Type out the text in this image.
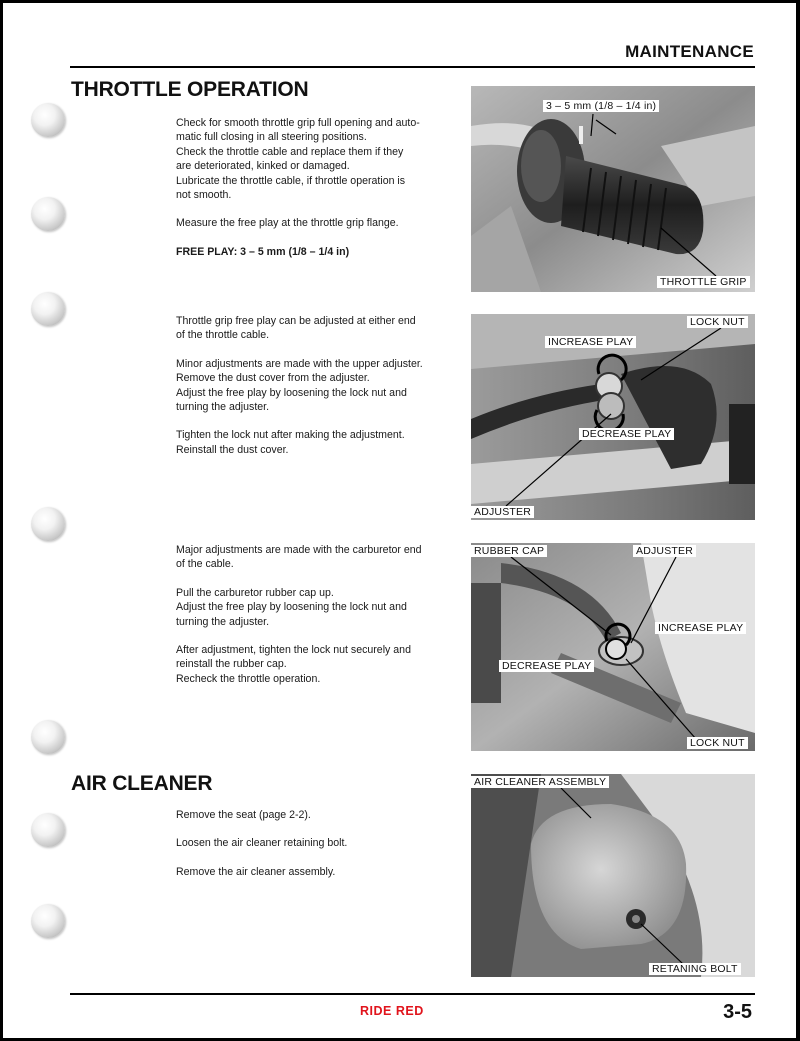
MAINTENANCE
THROTTLE OPERATION

Check for smooth throttle grip full opening and auto-

matic full closing in all steering positions.

Check the throttle cable and replace them if they

are deteriorated, kinked or damaged.

Lubricate the throttle cable, if throttle operation is

not smooth.

Measure the free play at the throttle grip flange.

FREE PLAY: 3 – 5 mm (1/8 – 1/4 in)

Throttle grip free play can be adjusted at either end

of the throttle cable.

Minor adjustments are made with the upper adjuster.

Remove the dust cover from the adjuster.

Adjust the free play by loosening the lock nut and

turning the adjuster.

Tighten the lock nut after making the adjustment.

Reinstall the dust cover.

Major adjustments are made with the carburetor end

of the cable.

Pull the carburetor rubber cap up.

Adjust the free play by loosening the lock nut and

turning the adjuster.

After adjustment, tighten the lock nut securely and

reinstall the rubber cap.

Recheck the throttle operation.

AIR CLEANER

Remove the seat (page 2-2).

Loosen the air cleaner retaining bolt.

Remove the air cleaner assembly.

3 – 5 mm (1/8 – 1/4 in)
THROTTLE GRIP
LOCK NUT
INCREASE PLAY
DECREASE PLAY
ADJUSTER
RUBBER CAP	ADJUSTER
INCREASE PLAY
DECREASE PLAY
LOCK NUT
AIR CLEANER ASSEMBLY
RETANING BOLT
RIDE RED	3-5
